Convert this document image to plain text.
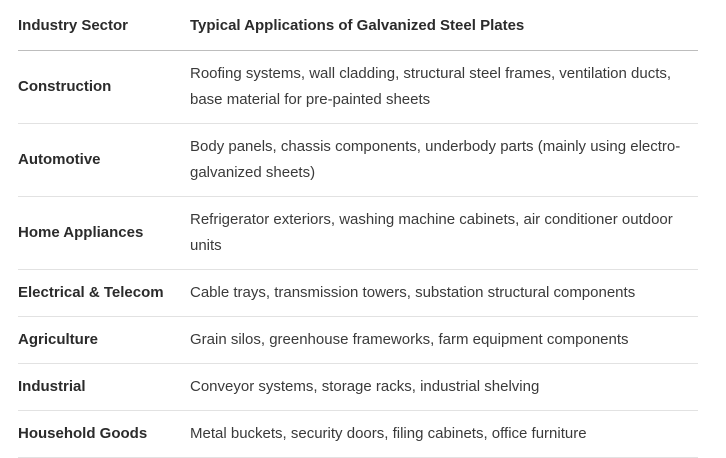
Industry Sector	Typical Applications of Galvanized Steel Plates
Construction	Roofing systems, wall cladding, structural steel frames, ventilation ducts, base material for pre-painted sheets
Automotive	Body panels, chassis components, underbody parts (mainly using electro-galvanized sheets)
Home Appliances	Refrigerator exteriors, washing machine cabinets, air conditioner outdoor units
Electrical & Telecom	Cable trays, transmission towers, substation structural components
Agriculture	Grain silos, greenhouse frameworks, farm equipment components
Industrial	Conveyor systems, storage racks, industrial shelving
Household Goods	Metal buckets, security doors, filing cabinets, office furniture
